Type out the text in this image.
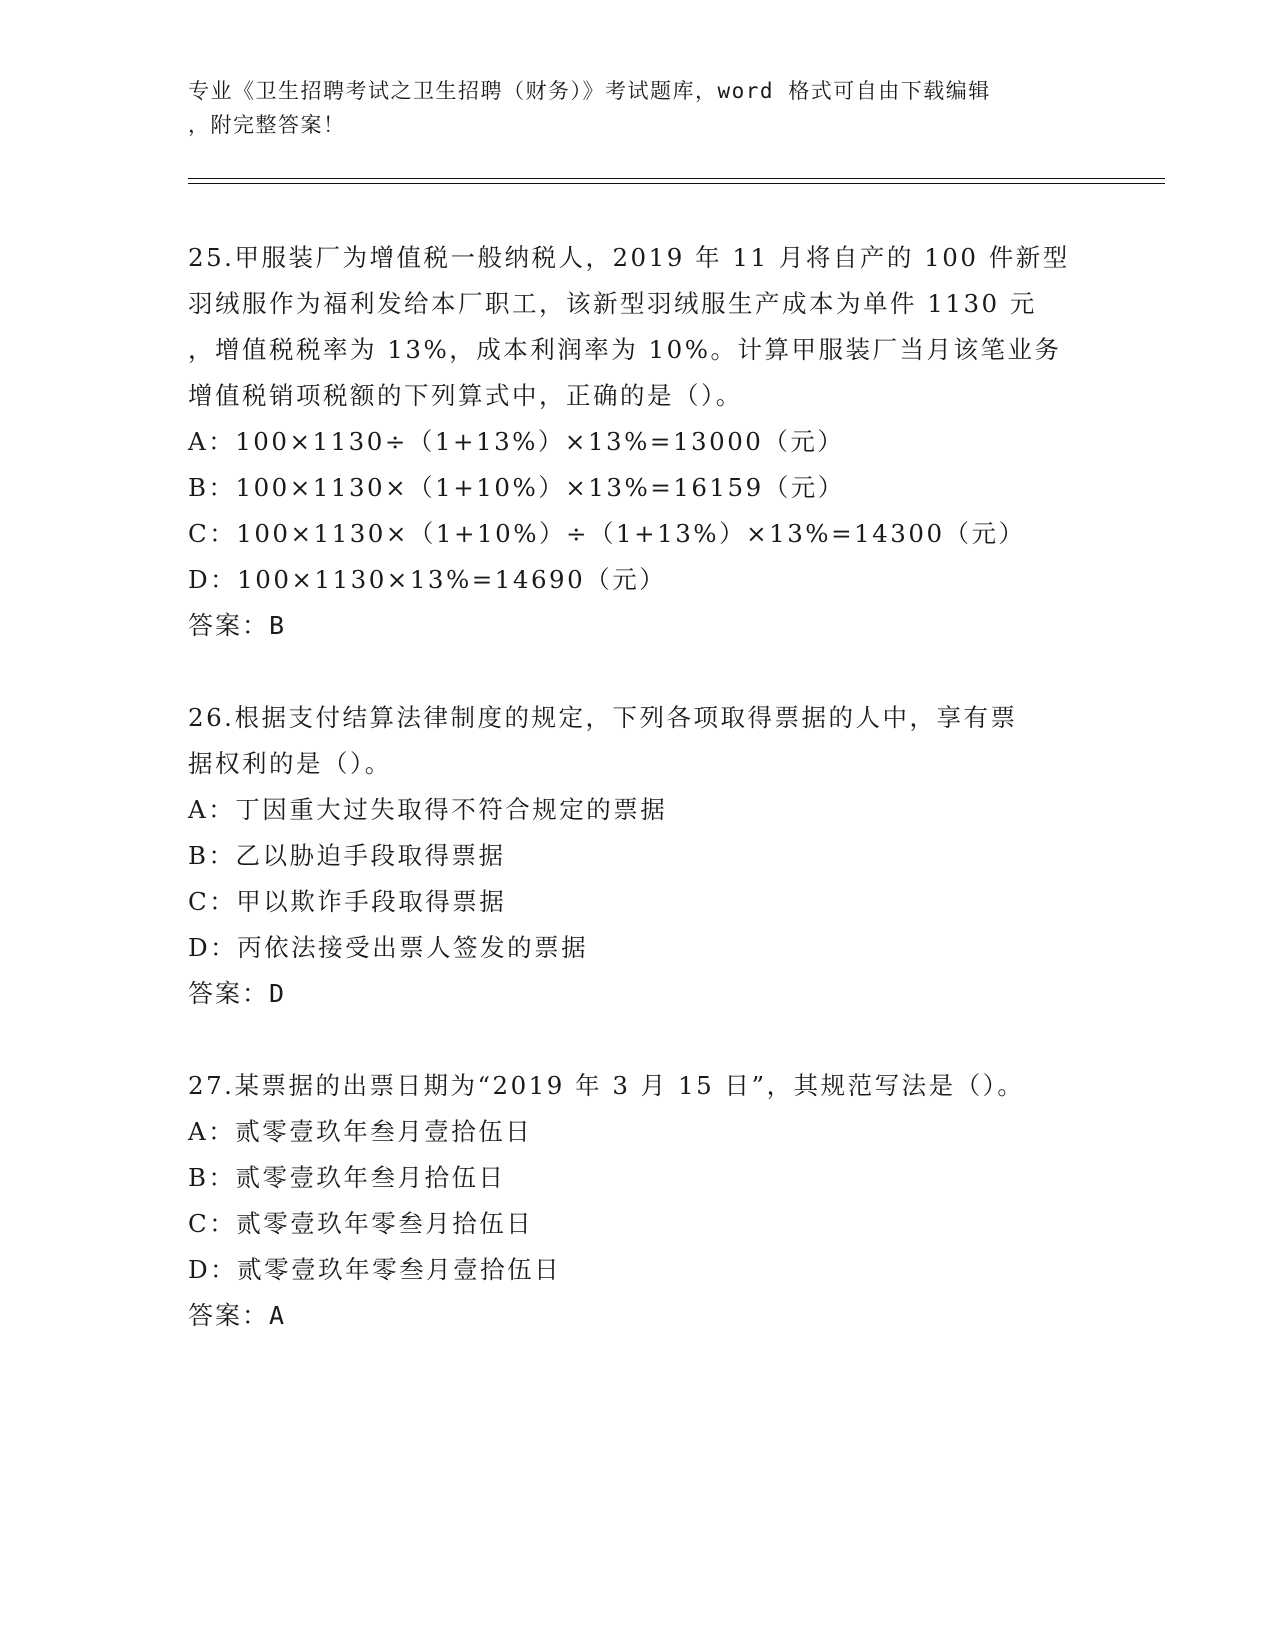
专业《卫生招聘考试之卫生招聘（财务）》考试题库，word 格式可自由下载编辑
，附完整答案！
25.甲服装厂为增值税一般纳税人，2019 年 11 月将自产的 100 件新型
羽绒服作为福利发给本厂职工，该新型羽绒服生产成本为单件 1130 元
，增值税税率为 13%，成本利润率为 10%。计算甲服装厂当月该笔业务
增值税销项税额的下列算式中，正确的是（）。
A：100×1130÷（1+13%）×13%=13000（元）
B：100×1130×（1+10%）×13%=16159（元）
C：100×1130×（1+10%）÷（1+13%）×13%=14300（元）
D：100×1130×13%=14690（元）
答案：B
26.根据支付结算法律制度的规定，下列各项取得票据的人中，享有票
据权利的是（）。
A：丁因重大过失取得不符合规定的票据
B：乙以胁迫手段取得票据
C：甲以欺诈手段取得票据
D：丙依法接受出票人签发的票据
答案：D
27.某票据的出票日期为“2019 年 3 月 15 日”，其规范写法是（）。
A：贰零壹玖年叁月壹拾伍日
B：贰零壹玖年叁月拾伍日
C：贰零壹玖年零叁月拾伍日
D：贰零壹玖年零叁月壹拾伍日
答案：A
